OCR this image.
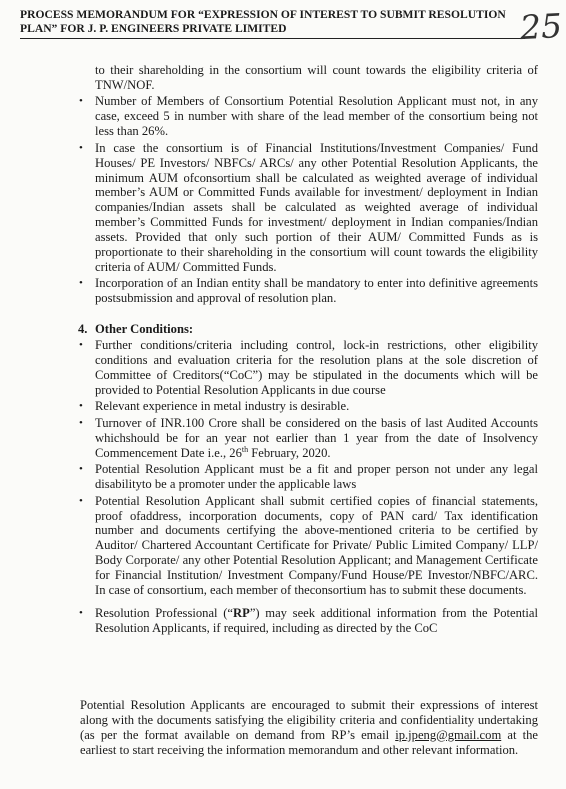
PROCESS MEMORANDUM FOR “EXPRESSION OF INTEREST TO SUBMIT RESOLUTION PLAN” FOR J. P. ENGINEERS PRIVATE LIMITED	25

to their shareholding in the consortium will count towards the eligibility criteria of TNW/NOF.

• Number of Members of Consortium Potential Resolution Applicant must not, in any case, exceed 5 in number with share of the lead member of the consortium being not less than 26%.
• In case the consortium is of Financial Institutions/Investment Companies/ Fund Houses/ PE Investors/ NBFCs/ ARCs/ any other Potential Resolution Applicants, the minimum AUM ofconsortium shall be calculated as weighted average of individual member’s AUM or Committed Funds available for investment/ deployment in Indian companies/Indian assets shall be calculated as weighted average of individual member’s Committed Funds for investment/ deployment in Indian companies/Indian assets. Provided that only such portion of their AUM/ Committed Funds as is proportionate to their shareholding in the consortium will count towards the eligibility criteria of AUM/ Committed Funds.
• Incorporation of an Indian entity shall be mandatory to enter into definitive agreements postsubmission and approval of resolution plan.
4. Other Conditions:
• Further conditions/criteria including control, lock-in restrictions, other eligibility conditions and evaluation criteria for the resolution plans at the sole discretion of Committee of Creditors(“CoC”) may be stipulated in the documents which will be provided to Potential Resolution Applicants in due course
• Relevant experience in metal industry is desirable.
• Turnover of INR.100 Crore shall be considered on the basis of last Audited Accounts whichshould be for an year not earlier than 1 year from the date of Insolvency Commencement Date i.e., 26th February, 2020.
• Potential Resolution Applicant must be a fit and proper person not under any legal disabilityto be a promoter under the applicable laws
• Potential Resolution Applicant shall submit certified copies of financial statements, proof ofaddress, incorporation documents, copy of PAN card/ Tax identification number and documents certifying the above-mentioned criteria to be certified by Auditor/ Chartered Accountant Certificate for Private/ Public Limited Company/ LLP/ Body Corporate/ any other Potential Resolution Applicant; and Management Certificate for Financial Institution/ Investment Company/Fund House/PE Investor/NBFC/ARC. In case of consortium, each member of theconsortium has to submit these documents.
• Resolution Professional (“RP”) may seek additional information from the Potential Resolution Applicants, if required, including as directed by the CoC
Potential Resolution Applicants are encouraged to submit their expressions of interest along with the documents satisfying the eligibility criteria and confidentiality undertaking (as per the format available on demand from RP’s email ip.jpeng@gmail.com at the earliest to start receiving the information memorandum and other relevant information.
